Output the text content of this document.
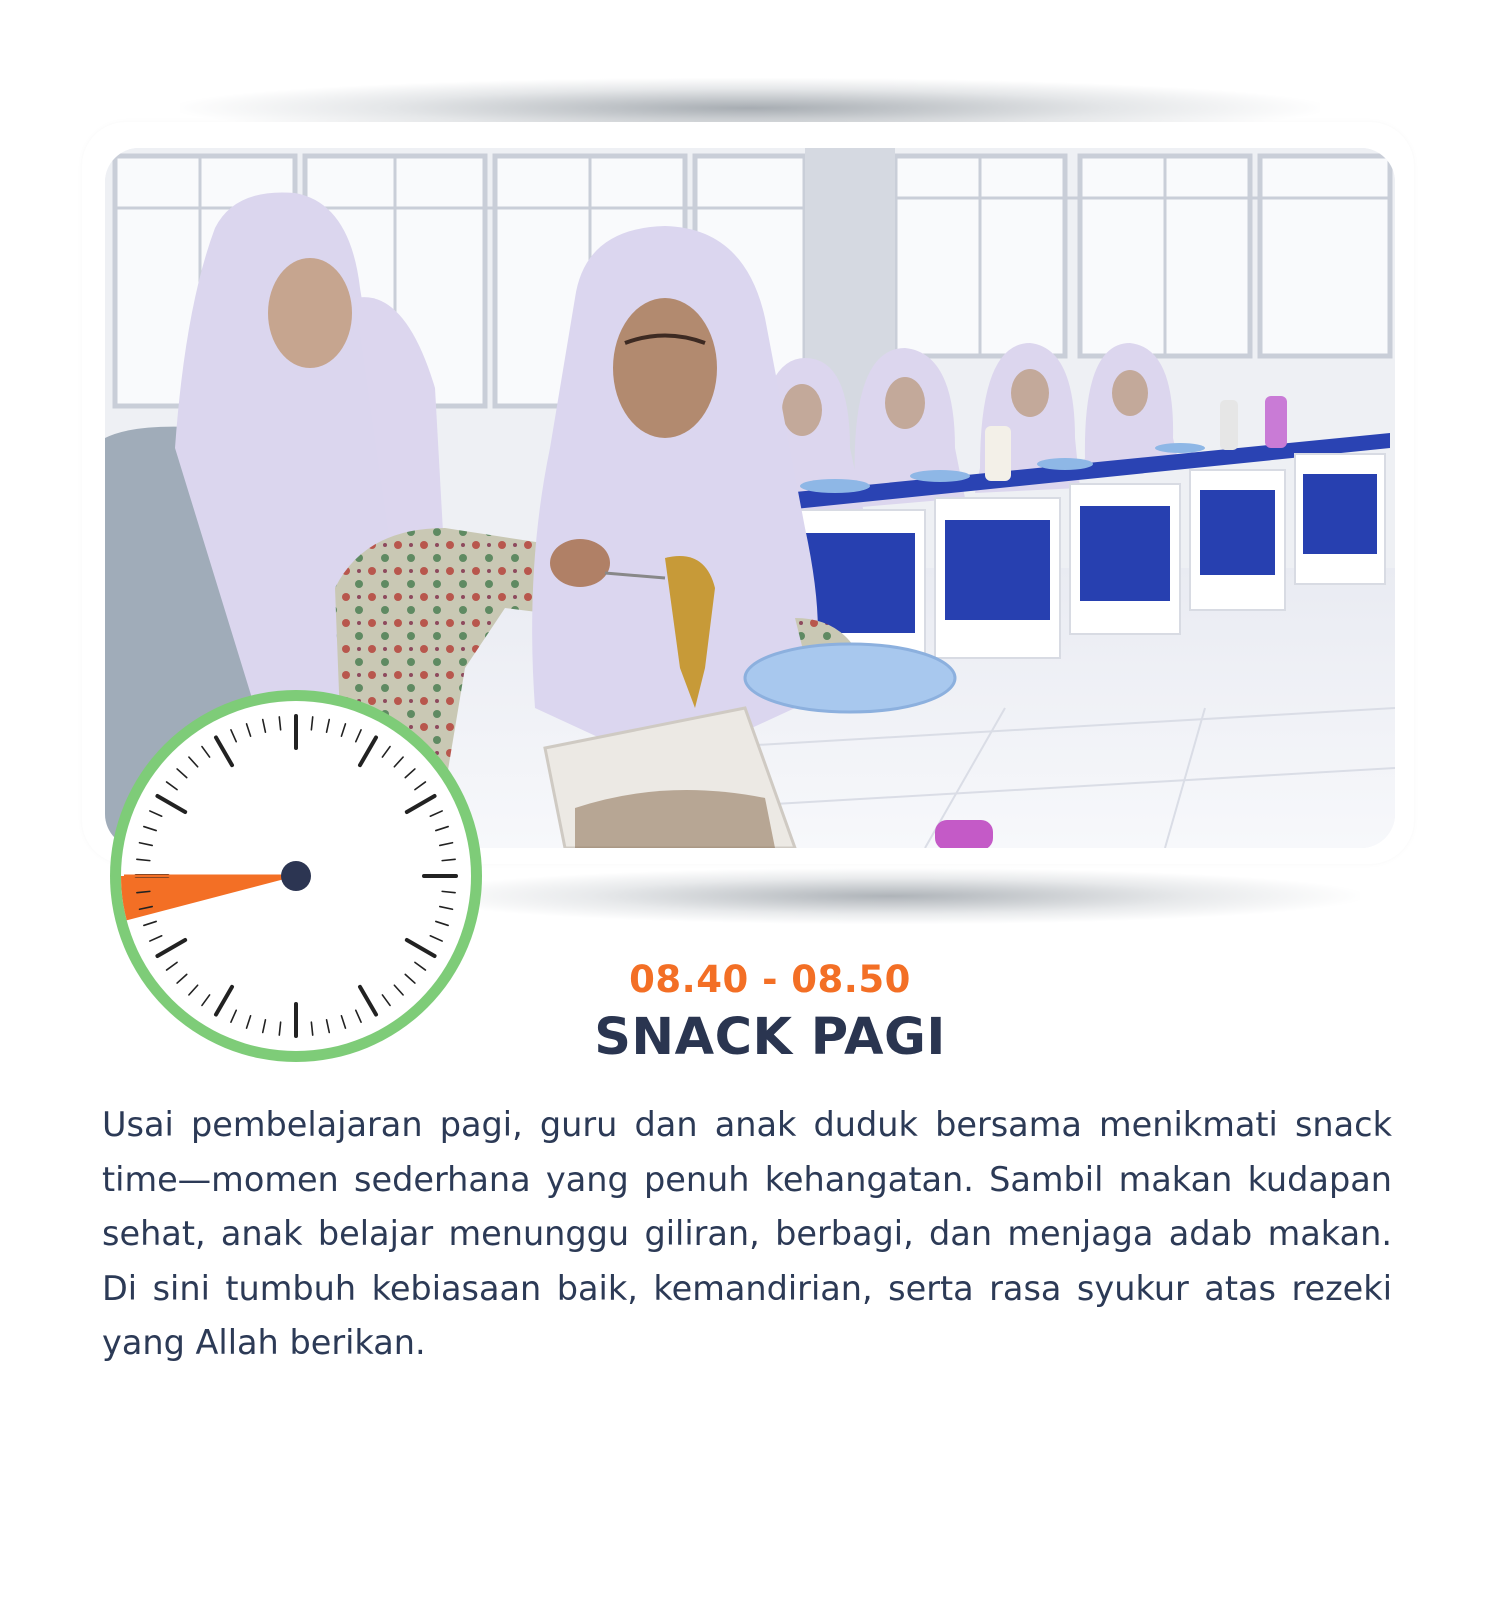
08.40 - 08.50
SNACK PAGI

Usai pembelajaran pagi, guru dan anak duduk bersama menikmati snack time—momen sederhana yang penuh kehangatan. Sambil makan kudapan sehat, anak belajar menunggu giliran, berbagi, dan menjaga adab makan. Di sini tumbuh kebiasaan baik, kemandirian, serta rasa syukur atas rezeki yang Allah berikan.
